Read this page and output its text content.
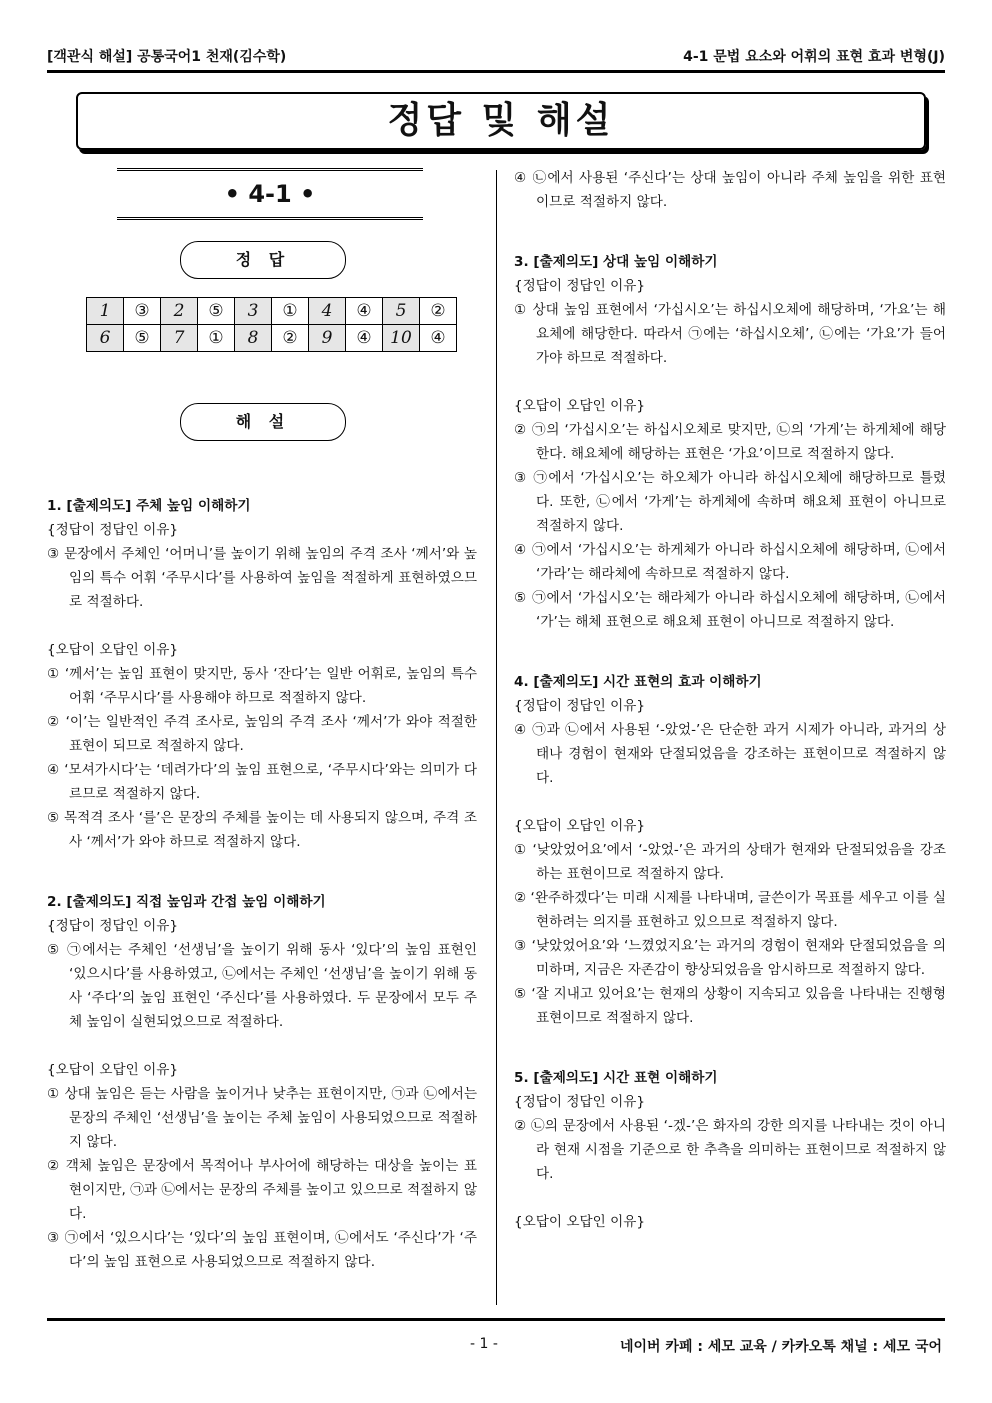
[객관식 해설] 공통국어1 천재(김수학)	4-1 문법 요소와 어휘의 표현 효과 변형(J)
정답 및 해설
• 4-1 •
정 답
1	③	2	⑤	3	①	4	④	5	②
6	⑤	7	①	8	②	9	④	10	④
해 설
1. [출제의도] 주체 높임 이해하기
{정답이 정답인 이유}
③ 문장에서 주체인 ‘어머니’를 높이기 위해 높임의 주격 조사 ‘께서’와 높임의 특수 어휘 ‘주무시다’를 사용하여 높임을 적절하게 표현하였으므로 적절하다.
{오답이 오답인 이유}
① ‘께서’는 높임 표현이 맞지만, 동사 ‘잔다’는 일반 어휘로, 높임의 특수 어휘 ‘주무시다’를 사용해야 하므로 적절하지 않다.
② ‘이’는 일반적인 주격 조사로, 높임의 주격 조사 ‘께서’가 와야 적절한 표현이 되므로 적절하지 않다.
④ ‘모셔가시다’는 ‘데려가다’의 높임 표현으로, ‘주무시다’와는 의미가 다르므로 적절하지 않다.
⑤ 목적격 조사 ‘를’은 문장의 주체를 높이는 데 사용되지 않으며, 주격 조사 ‘께서’가 와야 하므로 적절하지 않다.
2. [출제의도] 직접 높임과 간접 높임 이해하기
{정답이 정답인 이유}
⑤ ㉠에서는 주체인 ‘선생님’을 높이기 위해 동사 ‘있다’의 높임 표현인 ‘있으시다’를 사용하였고, ㉡에서는 주체인 ‘선생님’을 높이기 위해 동사 ‘주다’의 높임 표현인 ‘주신다’를 사용하였다. 두 문장에서 모두 주체 높임이 실현되었으므로 적절하다.
{오답이 오답인 이유}
① 상대 높임은 듣는 사람을 높이거나 낮추는 표현이지만, ㉠과 ㉡에서는 문장의 주체인 ‘선생님’을 높이는 주체 높임이 사용되었으므로 적절하지 않다.
② 객체 높임은 문장에서 목적어나 부사어에 해당하는 대상을 높이는 표현이지만, ㉠과 ㉡에서는 문장의 주체를 높이고 있으므로 적절하지 않다.
③ ㉠에서 ‘있으시다’는 ‘있다’의 높임 표현이며, ㉡에서도 ‘주신다’가 ‘주다’의 높임 표현으로 사용되었으므로 적절하지 않다.
④ ㉡에서 사용된 ‘주신다’는 상대 높임이 아니라 주체 높임을 위한 표현이므로 적절하지 않다.
3. [출제의도] 상대 높임 이해하기
{정답이 정답인 이유}
① 상대 높임 표현에서 ‘가십시오’는 하십시오체에 해당하며, ‘가요’는 해요체에 해당한다. 따라서 ㉠에는 ‘하십시오체’, ㉡에는 ‘가요’가 들어가야 하므로 적절하다.
{오답이 오답인 이유}
② ㉠의 ‘가십시오’는 하십시오체로 맞지만, ㉡의 ‘가게’는 하게체에 해당한다. 해요체에 해당하는 표현은 ‘가요’이므로 적절하지 않다.
③ ㉠에서 ‘가십시오’는 하오체가 아니라 하십시오체에 해당하므로 틀렸다. 또한, ㉡에서 ‘가게’는 하게체에 속하며 해요체 표현이 아니므로 적절하지 않다.
④ ㉠에서 ‘가십시오’는 하게체가 아니라 하십시오체에 해당하며, ㉡에서 ‘가라’는 해라체에 속하므로 적절하지 않다.
⑤ ㉠에서 ‘가십시오’는 해라체가 아니라 하십시오체에 해당하며, ㉡에서 ‘가’는 해체 표현으로 해요체 표현이 아니므로 적절하지 않다.
4. [출제의도] 시간 표현의 효과 이해하기
{정답이 정답인 이유}
④ ㉠과 ㉡에서 사용된 ‘-았었-’은 단순한 과거 시제가 아니라, 과거의 상태나 경험이 현재와 단절되었음을 강조하는 표현이므로 적절하지 않다.
{오답이 오답인 이유}
① ‘낮았었어요’에서 ‘-았었-’은 과거의 상태가 현재와 단절되었음을 강조하는 표현이므로 적절하지 않다.
② ‘완주하겠다’는 미래 시제를 나타내며, 글쓴이가 목표를 세우고 이를 실현하려는 의지를 표현하고 있으므로 적절하지 않다.
③ ‘낮았었어요’와 ‘느꼈었지요’는 과거의 경험이 현재와 단절되었음을 의미하며, 지금은 자존감이 향상되었음을 암시하므로 적절하지 않다.
⑤ ‘잘 지내고 있어요’는 현재의 상황이 지속되고 있음을 나타내는 진행형 표현이므로 적절하지 않다.
5. [출제의도] 시간 표현 이해하기
{정답이 정답인 이유}
② ㉡의 문장에서 사용된 ‘-겠-’은 화자의 강한 의지를 나타내는 것이 아니라 현재 시점을 기준으로 한 추측을 의미하는 표현이므로 적절하지 않다.
{오답이 오답인 이유}
- 1 -	네이버 카페 : 세모 교육 / 카카오톡 채널 : 세모 국어
